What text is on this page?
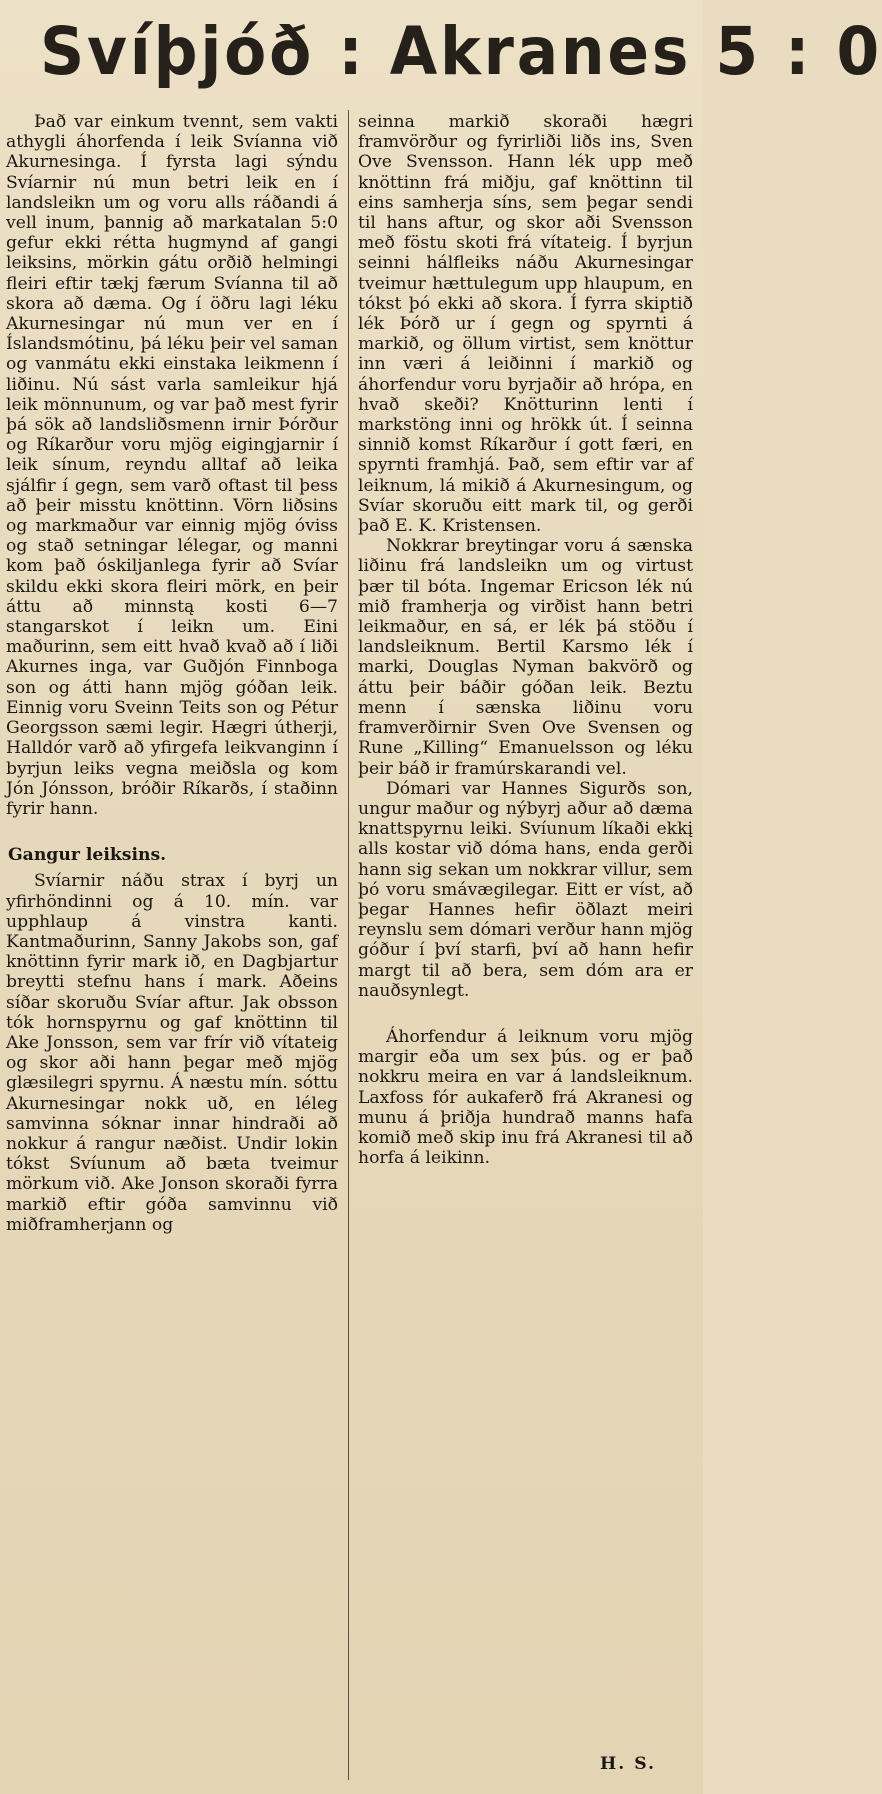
Svíþjóð : Akranes 5 : 0

Það var einkum tvennt, sem vakti athygli áhorfenda í leik Svíanna við Akurnesinga. Í fyrsta lagi sýndu Svíarnir nú mun betri leik en í landsleikn um og voru alls ráðandi á vell inum, þannig að markatalan 5:0 gefur ekki rétta hugmynd af gangi leiksins, mörkin gátu orðið helmingi fleiri eftir tækj færum Svíanna til að skora að dæma. Og í öðru lagi léku Akurnesingar nú mun ver en í Íslandsmótinu, þá léku þeir vel saman og vanmátu ekki einstaka leikmenn í liðinu. Nú sást varla samleikur hjá leik mönnunum, og var það mest fyrir þá sök að landsliðsmenn irnir Þórður og Ríkarður voru mjög eigingjarnir í leik sínum, reyndu alltaf að leika sjálfir í gegn, sem varð oftast til þess að þeir misstu knöttinn. Vörn liðsins og markmaður var einnig mjög óviss og stað setningar lélegar, og manni kom það óskiljanlega fyrir að Svíar skildu ekki skora fleiri mörk, en þeir áttu að minnstą kosti 6—7 stangarskot í leikn um. Eini maðurinn, sem eitt hvað kvað að í liði Akurnes inga, var Guðjón Finnboga son og átti hann mjög góðan leik. Einnig voru Sveinn Teits son og Pétur Georgsson sæmi legir. Hægri útherji, Halldór varð að yfirgefa leikvanginn í byrjun leiks vegna meiðsla og kom Jón Jónsson, bróðir Ríkarðs, í staðinn fyrir hann.

Gangur leiksins.

Svíarnir náðu strax í byrj un yfirhöndinni og á 10. mín. var upphlaup á vinstra kanti. Kantmaðurinn, Sanny Jakobs son, gaf knöttinn fyrir mark ið, en Dagbjartur breytti stefnu hans í mark. Aðeins síðar skoruðu Svíar aftur. Jak obsson tók hornspyrnu og gaf knöttinn til Ake Jonsson, sem var frír við vítateig og skor aði hann þegar með mjög glæsilegri spyrnu. Á næstu mín. sóttu Akurnesingar nokk uð, en léleg samvinna sóknar innar hindraði að nokkur á rangur næðist. Undir lokin tókst Svíunum að bæta tveimur mörkum við. Ake Jonson skoraði fyrra markið eftir góða samvinnu við miðframherjann og

seinna markið skoraði hægri framvörður og fyrirliði liðs ins, Sven Ove Svensson. Hann lék upp með knöttinn frá miðju, gaf knöttinn til eins samherja síns, sem þegar sendi til hans aftur, og skor aði Svensson með föstu skoti frá vítateig. Í byrjun seinni hálfleiks náðu Akurnesingar tveimur hættulegum upp hlaupum, en tókst þó ekki að skora. Í fyrra skiptið lék Þórð ur í gegn og spyrnti á markið, og öllum virtist, sem knöttur inn væri á leiðinni í markið og áhorfendur voru byrjaðir að hrópa, en hvað skeði? Knötturinn lenti í markstöng inni og hrökk út. Í seinna sinnið komst Ríkarður í gott færi, en spyrnti framhjá. Það, sem eftir var af leiknum, lá mikið á Akurnesingum, og Svíar skoruðu eitt mark til, og gerði það E. K. Kristensen.

Nokkrar breytingar voru á sænska liðinu frá landsleikn um og virtust þær til bóta. Ingemar Ericson lék nú mið framherja og virðist hann betri leikmaður, en sá, er lék þá stöðu í landsleiknum. Bertil Karsmo lék í marki, Douglas Nyman bakvörð og áttu þeir báðir góðan leik. Beztu menn í sænska liðinu voru framverðirnir Sven Ove Svensen og Rune „Killing“ Emanuelsson og léku þeir báð ir framúrskarandi vel.

Dómari var Hannes Sigurðs son, ungur maður og nýbyrj aður að dæma knattspyrnu leiki. Svíunum líkaði ekkį alls kostar við dóma hans, enda gerði hann sig sekan um nokkrar villur, sem þó voru smávægilegar. Eitt er víst, að þegar Hannes hefir öðlazt meiri reynslu sem dómari verður hann mjög góður í því starfi, því að hann hefir margt til að bera, sem dóm ara er nauðsynlegt.

Áhorfendur á leiknum voru mjög margir eða um sex þús. og er það nokkru meira en var á landsleiknum. Laxfoss fór aukaferð frá Akranesi og munu á þriðja hundrað manns hafa komið með skip inu frá Akranesi til að horfa á leikinn.

H. S.
